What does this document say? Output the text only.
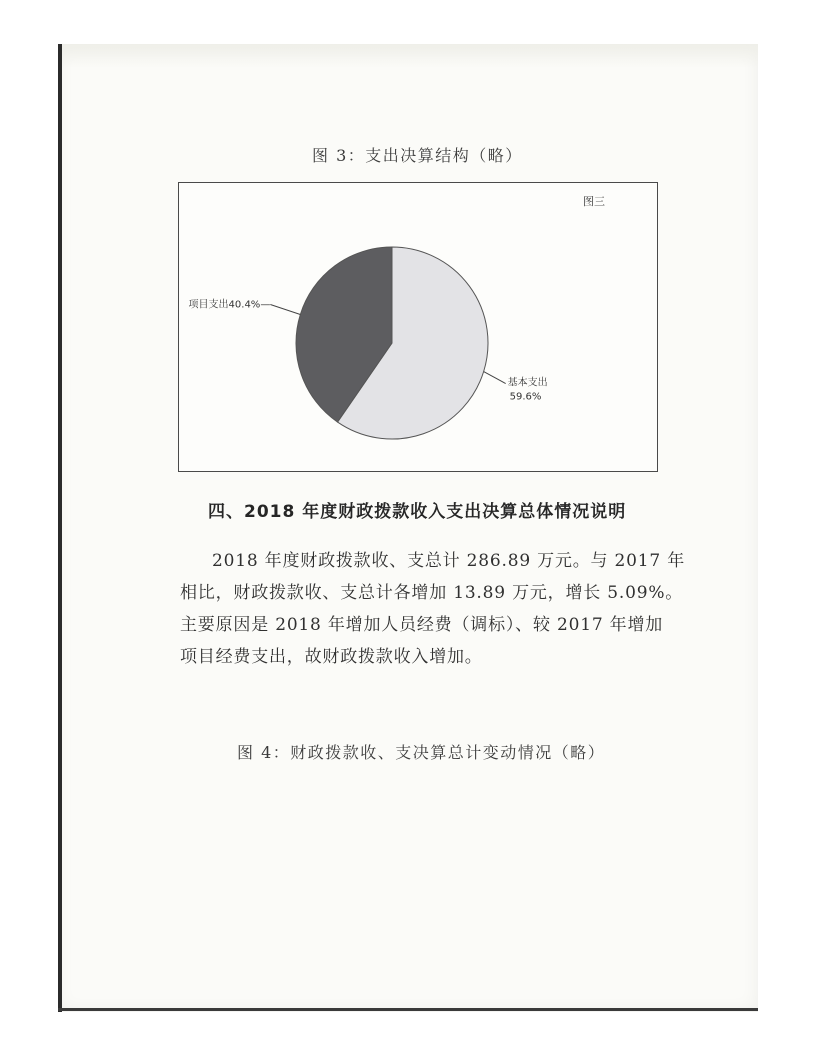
图 3：支出决算结构（略）
图三
项目支出40.4%—
基本支出
59.6%
四、2018 年度财政拨款收入支出决算总体情况说明
2018 年度财政拨款收、支总计 286.89 万元。与 2017 年
相比，财政拨款收、支总计各增加 13.89 万元，增长 5.09%。
主要原因是 2018 年增加人员经费（调标）、较 2017 年增加
项目经费支出，故财政拨款收入增加。
图 4：财政拨款收、支决算总计变动情况（略）
